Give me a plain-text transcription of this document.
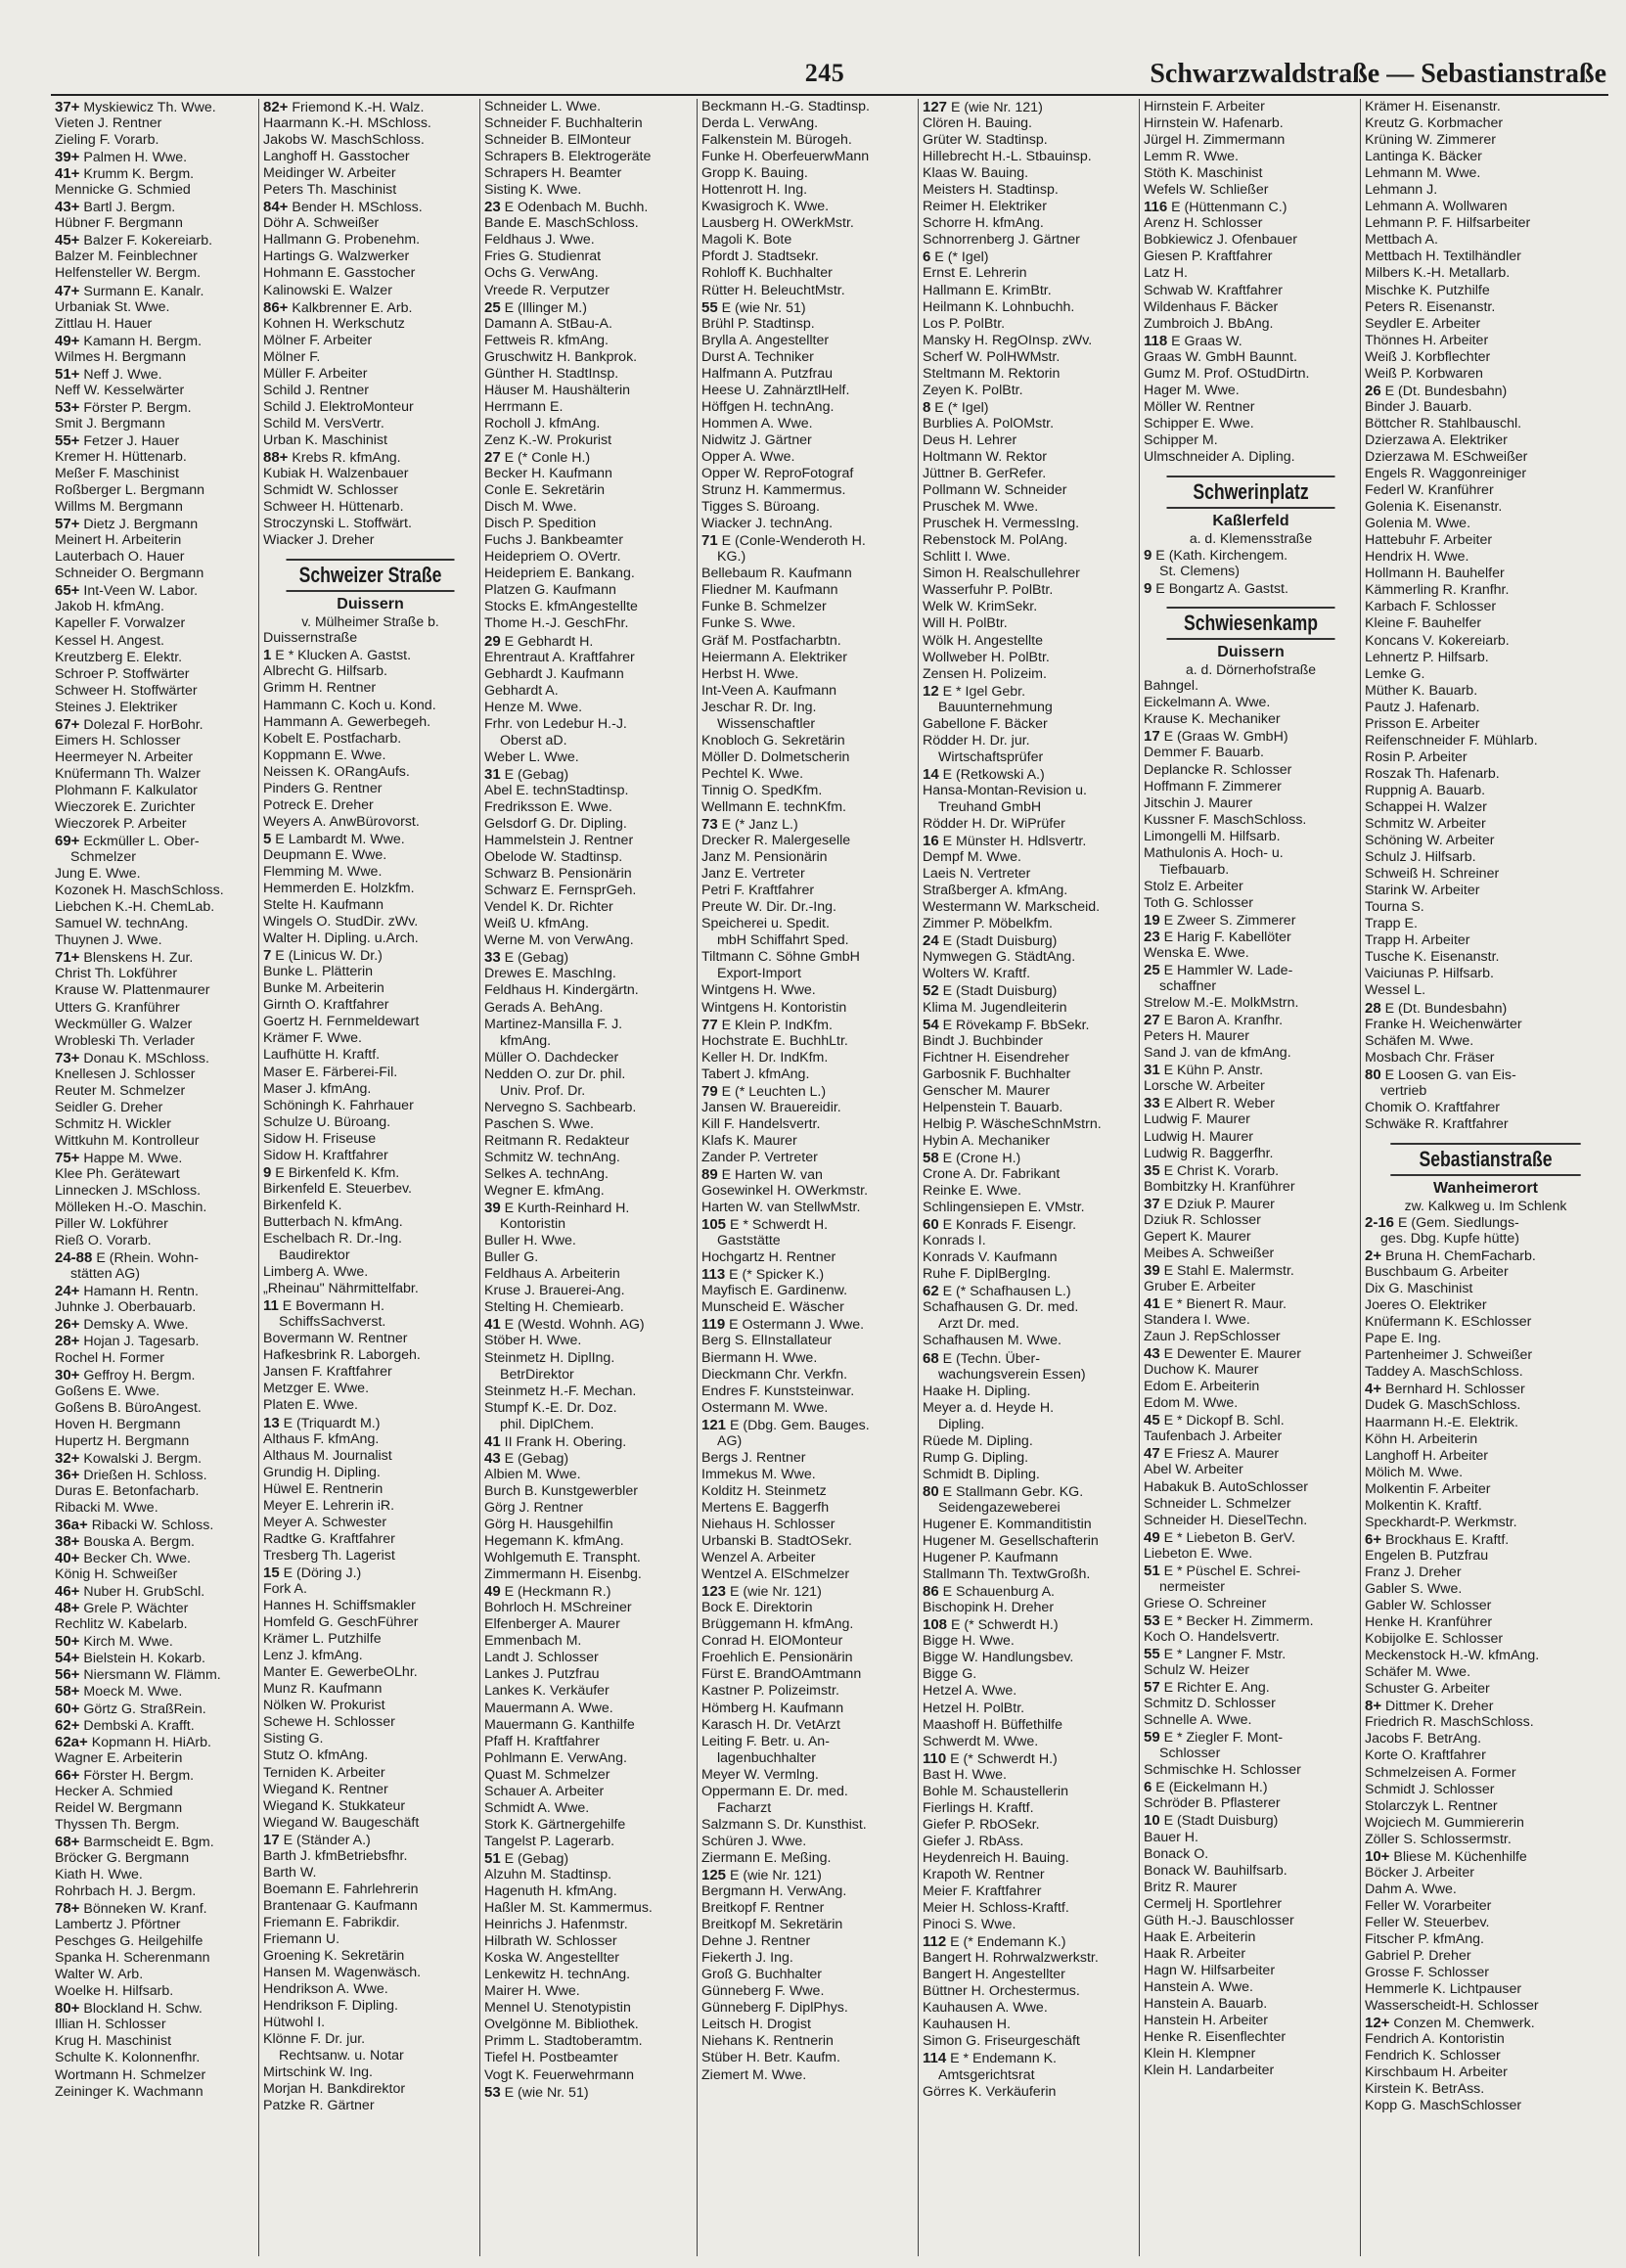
245	Schwarzwaldstraße — Sebastianstraße
37+ Myskiewicz Th. Wwe.
Vieten J. Rentner
Zieling F. Vorarb.
39+ Palmen H. Wwe.
41+ Krumm K. Bergm.
Mennicke G. Schmied
43+ Bartl J. Bergm.
Hübner F. Bergmann
45+ Balzer F. Kokereiarb.
Balzer M. Feinblechner
Helfensteller W. Bergm.
47+ Surmann E. Kanalr.
Urbaniak St. Wwe.
Zittlau H. Hauer
49+ Kamann H. Bergm.
Wilmes H. Bergmann
51+ Neff J. Wwe.
Neff W. Kesselwärter
53+ Förster P. Bergm.
Smit J. Bergmann
55+ Fetzer J. Hauer
Kremer H. Hüttenarb.
Meßer F. Maschinist
Roßberger L. Bergmann
Willms M. Bergmann
57+ Dietz J. Bergmann
Meinert H. Arbeiterin
Lauterbach O. Hauer
Schneider O. Bergmann
65+ Int-Veen W. Labor.
Jakob H. kfmAng.
Kapeller F. Vorwalzer
Kessel H. Angest.
Kreutzberg E. Elektr.
Schroer P. Stoffwärter
Schweer H. Stoffwärter
Steines J. Elektriker
67+ Dolezal F. HorBohr.
Eimers H. Schlosser
Heermeyer N. Arbeiter
Knüfermann Th. Walzer
Plohmann F. Kalkulator
Wieczorek E. Zurichter
Wieczorek P. Arbeiter
69+ Eckmüller L. Ober-
Schmelzer
Jung E. Wwe.
Kozonek H. MaschSchloss.
Liebchen K.-H. ChemLab.
Samuel W. technAng.
Thuynen J. Wwe.
71+ Blenskens H. Zur.
Christ Th. Lokführer
Krause W. Plattenmaurer
Utters G. Kranführer
Weckmüller G. Walzer
Wrobleski Th. Verlader
73+ Donau K. MSchloss.
Knellesen J. Schlosser
Reuter M. Schmelzer
Seidler G. Dreher
Schmitz H. Wickler
Wittkuhn M. Kontrolleur
75+ Happe M. Wwe.
Klee Ph. Gerätewart
Linnecken J. MSchloss.
Mölleken H.-O. Maschin.
Piller W. Lokführer
Rieß O. Vorarb.
24-88 E (Rhein. Wohn-
stätten AG)
24+ Hamann H. Rentn.
Juhnke J. Oberbauarb.
26+ Demsky A. Wwe.
28+ Hojan J. Tagesarb.
Rochel H. Former
30+ Geffroy H. Bergm.
Goßens E. Wwe.
Goßens B. BüroAngest.
Hoven H. Bergmann
Hupertz H. Bergmann
32+ Kowalski J. Bergm.
36+ Drießen H. Schloss.
Duras E. Betonfacharb.
Ribacki M. Wwe.
36a+ Ribacki W. Schloss.
38+ Bouska A. Bergm.
40+ Becker Ch. Wwe.
König H. Schweißer
46+ Nuber H. GrubSchl.
48+ Grele P. Wächter
Rechlitz W. Kabelarb.
50+ Kirch M. Wwe.
54+ Bielstein H. Kokarb.
56+ Niersmann W. Flämm.
58+ Moeck M. Wwe.
60+ Görtz G. StraßRein.
62+ Dembski A. Krafft.
62a+ Kopmann H. HiArb.
Wagner E. Arbeiterin
66+ Förster H. Bergm.
Hecker A. Schmied
Reidel W. Bergmann
Thyssen Th. Bergm.
68+ Barmscheidt E. Bgm.
Bröcker G. Bergmann
Kiath H. Wwe.
Rohrbach H. J. Bergm.
78+ Bönneken W. Kranf.
Lambertz J. Pförtner
Peschges G. Heilgehilfe
Spanka H. Scherenmann
Walter W. Arb.
Woelke H. Hilfsarb.
80+ Blockland H. Schw.
Illian H. Schlosser
Krug H. Maschinist
Schulte K. Kolonnenfhr.
Wortmann H. Schmelzer
Zeininger K. Wachmann
82+ Friemond K.-H. Walz.
Haarmann K.-H. MSchloss.
Jakobs W. MaschSchloss.
Langhoff H. Gasstocher
Meidinger W. Arbeiter
Peters Th. Maschinist
84+ Bender H. MSchloss.
Döhr A. Schweißer
Hallmann G. Probenehm.
Hartings G. Walzwerker
Hohmann E. Gasstocher
Kalinowski E. Walzer
86+ Kalkbrenner E. Arb.
Kohnen H. Werkschutz
Mölner F. Arbeiter
Mölner F.
Müller F. Arbeiter
Schild J. Rentner
Schild J. ElektroMonteur
Schild M. VersVertr.
Urban K. Maschinist
88+ Krebs R. kfmAng.
Kubiak H. Walzenbauer
Schmidt W. Schlosser
Schweer H. Hüttenarb.
Stroczynski L. Stoffwärt.
Wiacker J. Dreher
Schweizer Straße
Duissern
v. Mülheimer Straße b.
Duissernstraße
1 E * Klucken A. Gastst.
Albrecht G. Hilfsarb.
Grimm H. Rentner
Hammann C. Koch u. Kond.
Hammann A. Gewerbegeh.
Kobelt E. Postfacharb.
Koppmann E. Wwe.
Neissen K. ORangAufs.
Pinders G. Rentner
Potreck E. Dreher
Weyers A. AnwBürovorst.
5 E Lambardt M. Wwe.
Deupmann E. Wwe.
Flemming M. Wwe.
Hemmerden E. Holzkfm.
Stelte H. Kaufmann
Wingels O. StudDir. zWv.
Walter H. Dipling. u.Arch.
7 E (Linicus W. Dr.)
Bunke L. Plätterin
Bunke M. Arbeiterin
Girnth O. Kraftfahrer
Goertz H. Fernmeldewart
Krämer F. Wwe.
Laufhütte H. Kraftf.
Maser E. Färberei-Fil.
Maser J. kfmAng.
Schöningh K. Fahrhauer
Schulze U. Büroang.
Sidow H. Friseuse
Sidow H. Kraftfahrer
9 E Birkenfeld K. Kfm.
Birkenfeld E. Steuerbev.
Birkenfeld K.
Butterbach N. kfmAng.
Eschelbach R. Dr.-Ing.
Baudirektor
Limberg A. Wwe.
„Rheinau" Nährmittelfabr.
11 E Bovermann H.
SchiffsSachverst.
Bovermann W. Rentner
Hafkesbrink R. Laborgeh.
Jansen F. Kraftfahrer
Metzger E. Wwe.
Platen E. Wwe.
13 E (Triquardt M.)
Althaus F. kfmAng.
Althaus M. Journalist
Grundig H. Dipling.
Hüwel E. Rentnerin
Meyer E. Lehrerin iR.
Meyer A. Schwester
Radtke G. Kraftfahrer
Tresberg Th. Lagerist
15 E (Döring J.)
Fork A.
Hannes H. Schiffsmakler
Homfeld G. GeschFührer
Krämer L. Putzhilfe
Lenz J. kfmAng.
Manter E. GewerbeOLhr.
Munz R. Kaufmann
Nölken W. Prokurist
Schewe H. Schlosser
Sisting G.
Stutz O. kfmAng.
Terniden K. Arbeiter
Wiegand K. Rentner
Wiegand K. Stukkateur
Wiegand W. Baugeschäft
17 E (Ständer A.)
Barth J. kfmBetriebsfhr.
Barth W.
Boemann E. Fahrlehrerin
Brantenaar G. Kaufmann
Friemann E. Fabrikdir.
Friemann U.
Groening K. Sekretärin
Hansen M. Wagenwäsch.
Hendrikson A. Wwe.
Hendrikson F. Dipling.
Hütwohl I.
Klönne F. Dr. jur.
Rechtsanw. u. Notar
Mirtschink W. Ing.
Morjan H. Bankdirektor
Patzke R. Gärtner
Schneider L. Wwe.
Schneider F. Buchhalterin
Schneider B. ElMonteur
Schrapers B. Elektrogeräte
Schrapers H. Beamter
Sisting K. Wwe.
23 E Odenbach M. Buchh.
Bande E. MaschSchloss.
Feldhaus J. Wwe.
Fries G. Studienrat
Ochs G. VerwAng.
Vreede R. Verputzer
25 E (Illinger M.)
Damann A. StBau-A.
Fettweis R. kfmAng.
Gruschwitz H. Bankprok.
Günther H. StadtInsp.
Häuser M. Haushälterin
Herrmann E.
Rocholl J. kfmAng.
Zenz K.-W. Prokurist
27 E (* Conle H.)
Becker H. Kaufmann
Conle E. Sekretärin
Disch M. Wwe.
Disch P. Spedition
Fuchs J. Bankbeamter
Heidepriem O. OVertr.
Heidepriem E. Bankang.
Platzen G. Kaufmann
Stocks E. kfmAngestellte
Thome H.-J. GeschFhr.
29 E Gebhardt H.
Ehrentraut A. Kraftfahrer
Gebhardt J. Kaufmann
Gebhardt A.
Henze M. Wwe.
Frhr. von Ledebur H.-J.
Oberst aD.
Weber L. Wwe.
31 E (Gebag)
Abel E. technStadtinsp.
Fredriksson E. Wwe.
Gelsdorf G. Dr. Dipling.
Hammelstein J. Rentner
Obelode W. Stadtinsp.
Schwarz B. Pensionärin
Schwarz E. FernsprGeh.
Vendel K. Dr. Richter
Weiß U. kfmAng.
Werne M. von VerwAng.
33 E (Gebag)
Drewes E. MaschIng.
Feldhaus H. Kindergärtn.
Gerads A. BehAng.
Martinez-Mansilla F. J.
kfmAng.
Müller O. Dachdecker
Nedden O. zur Dr. phil.
Univ. Prof. Dr.
Nervegno S. Sachbearb.
Paschen S. Wwe.
Reitmann R. Redakteur
Schmitz W. technAng.
Selkes A. technAng.
Wegner E. kfmAng.
39 E Kurth-Reinhard H.
Kontoristin
Buller H. Wwe.
Buller G.
Feldhaus A. Arbeiterin
Kruse J. Brauerei-Ang.
Stelting H. Chemiearb.
41 E (Westd. Wohnh. AG)
Stöber H. Wwe.
Steinmetz H. DiplIng.
BetrDirektor
Steinmetz H.-F. Mechan.
Stumpf K.-E. Dr. Doz.
phil. DiplChem.
41 II Frank H. Obering.
43 E (Gebag)
Albien M. Wwe.
Burch B. Kunstgewerbler
Görg J. Rentner
Görg H. Hausgehilfin
Hegemann K. kfmAng.
Wohlgemuth E. Transpht.
Zimmermann H. Eisenbg.
49 E (Heckmann R.)
Bohrloch H. MSchreiner
Elfenberger A. Maurer
Emmenbach M.
Landt J. Schlosser
Lankes J. Putzfrau
Lankes K. Verkäufer
Mauermann A. Wwe.
Mauermann G. Kanthilfe
Pfaff H. Kraftfahrer
Pohlmann E. VerwAng.
Quast M. Schmelzer
Schauer A. Arbeiter
Schmidt A. Wwe.
Stork K. Gärtnergehilfe
Tangelst P. Lagerarb.
51 E (Gebag)
Alzuhn M. Stadtinsp.
Hagenuth H. kfmAng.
Haßler M. St. Kammermus.
Heinrichs J. Hafenmstr.
Hilbrath W. Schlosser
Koska W. Angestellter
Lenkewitz H. technAng.
Mairer H. Wwe.
Mennel U. Stenotypistin
Ovelgönne M. Bibliothek.
Primm L. Stadtoberamtm.
Tiefel H. Postbeamter
Vogt K. Feuerwehrmann
53 E (wie Nr. 51)
Beckmann H.-G. Stadtinsp.
Derda L. VerwAng.
Falkenstein M. Bürogeh.
Funke H. OberfeuerwMann
Gropp K. Bauing.
Hottenrott H. Ing.
Kwasigroch K. Wwe.
Lausberg H. OWerkMstr.
Magoli K. Bote
Pfordt J. Stadtsekr.
Rohloff K. Buchhalter
Rütter H. BeleuchtMstr.
55 E (wie Nr. 51)
Brühl P. Stadtinsp.
Brylla A. Angestellter
Durst A. Techniker
Halfmann A. Putzfrau
Heese U. ZahnärztlHelf.
Höffgen H. technAng.
Hommen A. Wwe.
Nidwitz J. Gärtner
Opper A. Wwe.
Opper W. ReproFotograf
Strunz H. Kammermus.
Tigges S. Büroang.
Wiacker J. technAng.
71 E (Conle-Wenderoth H.
KG.)
Bellebaum R. Kaufmann
Fliedner M. Kaufmann
Funke B. Schmelzer
Funke S. Wwe.
Gräf M. Postfacharbtn.
Heiermann A. Elektriker
Herbst H. Wwe.
Int-Veen A. Kaufmann
Jeschar R. Dr. Ing.
Wissenschaftler
Knobloch G. Sekretärin
Möller D. Dolmetscherin
Pechtel K. Wwe.
Tinnig O. SpedKfm.
Wellmann E. technKfm.
73 E (* Janz L.)
Drecker R. Malergeselle
Janz M. Pensionärin
Janz E. Vertreter
Petri F. Kraftfahrer
Preute W. Dir. Dr.-Ing.
Speicherei u. Spedit.
mbH Schiffahrt Sped.
Tiltmann C. Söhne GmbH
Export-Import
Wintgens H. Wwe.
Wintgens H. Kontoristin
77 E Klein P. IndKfm.
Hochstrate E. BuchhLtr.
Keller H. Dr. IndKfm.
Tabert J. kfmAng.
79 E (* Leuchten L.)
Jansen W. Brauereidir.
Kill F. Handelsvertr.
Klafs K. Maurer
Zander P. Vertreter
89 E Harten W. van
Gosewinkel H. OWerkmstr.
Harten W. van StellwMstr.
105 E * Schwerdt H.
Gaststätte
Hochgartz H. Rentner
113 E (* Spicker K.)
Mayfisch E. Gardinenw.
Munscheid E. Wäscher
119 E Ostermann J. Wwe.
Berg S. ElInstallateur
Biermann H. Wwe.
Dieckmann Chr. Verkfn.
Endres F. Kunststeinwar.
Ostermann M. Wwe.
121 E (Dbg. Gem. Bauges.
AG)
Bergs J. Rentner
Immekus M. Wwe.
Kolditz H. Steinmetz
Mertens E. Baggerfh
Niehaus H. Schlosser
Urbanski B. StadtOSekr.
Wenzel A. Arbeiter
Wentzel A. ElSchmelzer
123 E (wie Nr. 121)
Bock E. Direktorin
Brüggemann H. kfmAng.
Conrad H. ElOMonteur
Froehlich E. Pensionärin
Fürst E. BrandOAmtmann
Kastner P. Polizeimstr.
Hömberg H. Kaufmann
Karasch H. Dr. VetArzt
Leiting F. Betr. u. An-
lagenbuchhalter
Meyer W. Vermlng.
Oppermann E. Dr. med.
Facharzt
Salzmann S. Dr. Kunsthist.
Schüren J. Wwe.
Ziermann E. Meßing.
125 E (wie Nr. 121)
Bergmann H. VerwAng.
Breitkopf F. Rentner
Breitkopf M. Sekretärin
Dehne J. Rentner
Fiekerth J. Ing.
Groß G. Buchhalter
Günneberg F. Wwe.
Günneberg F. DiplPhys.
Leitsch H. Drogist
Niehans K. Rentnerin
Stüber H. Betr. Kaufm.
Ziemert M. Wwe.
127 E (wie Nr. 121)
Clören H. Bauing.
Grüter W. Stadtinsp.
Hillebrecht H.-L. Stbauinsp.
Klaas W. Bauing.
Meisters H. Stadtinsp.
Reimer H. Elektriker
Schorre H. kfmAng.
Schnorrenberg J. Gärtner
6 E (* Igel)
Ernst E. Lehrerin
Hallmann E. KrimBtr.
Heilmann K. Lohnbuchh.
Los P. PolBtr.
Mansky H. RegOInsp. zWv.
Scherf W. PolHWMstr.
Steltmann M. Rektorin
Zeyen K. PolBtr.
8 E (* Igel)
Burblies A. PolOMstr.
Deus H. Lehrer
Holtmann W. Rektor
Jüttner B. GerRefer.
Pollmann W. Schneider
Pruschek M. Wwe.
Pruschek H. VermessIng.
Rebenstock M. PolAng.
Schlitt I. Wwe.
Simon H. Realschullehrer
Wasserfuhr P. PolBtr.
Welk W. KrimSekr.
Will H. PolBtr.
Wölk H. Angestellte
Wollweber H. PolBtr.
Zensen H. Polizeim.
12 E * Igel Gebr.
Bauunternehmung
Gabellone F. Bäcker
Rödder H. Dr. jur.
Wirtschaftsprüfer
14 E (Retkowski A.)
Hansa-Montan-Revision u.
Treuhand GmbH
Rödder H. Dr. WiPrüfer
16 E Münster H. Hdlsvertr.
Dempf M. Wwe.
Laeis N. Vertreter
Straßberger A. kfmAng.
Westermann W. Markscheid.
Zimmer P. Möbelkfm.
24 E (Stadt Duisburg)
Nymwegen G. StädtAng.
Wolters W. Kraftf.
52 E (Stadt Duisburg)
Klima M. Jugendleiterin
54 E Rövekamp F. BbSekr.
Bindt J. Buchbinder
Fichtner H. Eisendreher
Garbosnik F. Buchhalter
Genscher M. Maurer
Helpenstein T. Bauarb.
Helbig P. WäscheSchnMstrn.
Hybin A. Mechaniker
58 E (Crone H.)
Crone A. Dr. Fabrikant
Reinke E. Wwe.
Schlingensiepen E. VMstr.
60 E Konrads F. Eisengr.
Konrads I.
Konrads V. Kaufmann
Ruhe F. DiplBergIng.
62 E (* Schafhausen L.)
Schafhausen G. Dr. med.
Arzt Dr. med.
Schafhausen M. Wwe.
68 E (Techn. Über-
wachungsverein Essen)
Haake H. Dipling.
Meyer a. d. Heyde H.
Dipling.
Rüede M. Dipling.
Rump G. Dipling.
Schmidt B. Dipling.
80 E Stallmann Gebr. KG.
Seidengazeweberei
Hugener E. Kommanditistin
Hugener M. Gesellschafterin
Hugener P. Kaufmann
Stallmann Th. TextwGroßh.
86 E Schauenburg A.
Bischopink H. Dreher
108 E (* Schwerdt H.)
Bigge H. Wwe.
Bigge W. Handlungsbev.
Bigge G.
Hetzel A. Wwe.
Hetzel H. PolBtr.
Maashoff H. Büffethilfe
Schwerdt M. Wwe.
110 E (* Schwerdt H.)
Bast H. Wwe.
Bohle M. Schaustellerin
Fierlings H. Kraftf.
Giefer P. RbOSekr.
Giefer J. RbAss.
Heydenreich H. Bauing.
Krapoth W. Rentner
Meier F. Kraftfahrer
Meier H. Schloss-Kraftf.
Pinoci S. Wwe.
112 E (* Endemann K.)
Bangert H. Rohrwalzwerkstr.
Bangert H. Angestellter
Büttner H. Orchestermus.
Kauhausen A. Wwe.
Kauhausen H.
Simon G. Friseurgeschäft
114 E * Endemann K.
Amtsgerichtsrat
Görres K. Verkäuferin
Hirnstein F. Arbeiter
Hirnstein W. Hafenarb.
Jürgel H. Zimmermann
Lemm R. Wwe.
Stöth K. Maschinist
Wefels W. Schließer
116 E (Hüttenmann C.)
Arenz H. Schlosser
Bobkiewicz J. Ofenbauer
Giesen P. Kraftfahrer
Latz H.
Schwab W. Kraftfahrer
Wildenhaus F. Bäcker
Zumbroich J. BbAng.
118 E Graas W.
Graas W. GmbH Baunnt.
Gumz M. Prof. OStudDirtn.
Hager M. Wwe.
Möller W. Rentner
Schipper E. Wwe.
Schipper M.
Ulmschneider A. Dipling.
Schwerinplatz
Kaßlerfeld
a. d. Klemensstraße
9 E (Kath. Kirchengem.
St. Clemens)
9 E Bongartz A. Gastst.
Schwiesenkamp
Duissern
a. d. Dörnerhofstraße
Bahngel.
Eickelmann A. Wwe.
Krause K. Mechaniker
17 E (Graas W. GmbH)
Demmer F. Bauarb.
Deplancke R. Schlosser
Hoffmann F. Zimmerer
Jitschin J. Maurer
Kussner F. MaschSchloss.
Limongelli M. Hilfsarb.
Mathulonis A. Hoch- u.
Tiefbauarb.
Stolz E. Arbeiter
Toth G. Schlosser
19 E Zweer S. Zimmerer
23 E Harig F. Kabellöter
Wenska E. Wwe.
25 E Hammler W. Lade-
schaffner
Strelow M.-E. MolkMstrn.
27 E Baron A. Kranfhr.
Peters H. Maurer
Sand J. van de kfmAng.
31 E Kühn P. Anstr.
Lorsche W. Arbeiter
33 E Albert R. Weber
Ludwig F. Maurer
Ludwig H. Maurer
Ludwig R. Baggerfhr.
35 E Christ K. Vorarb.
Bombitzky H. Kranführer
37 E Dziuk P. Maurer
Dziuk R. Schlosser
Gepert K. Maurer
Meibes A. Schweißer
39 E Stahl E. Malermstr.
Gruber E. Arbeiter
41 E * Bienert R. Maur.
Standera I. Wwe.
Zaun J. RepSchlosser
43 E Dewenter E. Maurer
Duchow K. Maurer
Edom E. Arbeiterin
Edom M. Wwe.
45 E * Dickopf B. Schl.
Taufenbach J. Arbeiter
47 E Friesz A. Maurer
Abel W. Arbeiter
Habakuk B. AutoSchlosser
Schneider L. Schmelzer
Schneider H. DieselTechn.
49 E * Liebeton B. GerV.
Liebeton E. Wwe.
51 E * Püschel E. Schrei-
nermeister
Griese O. Schreiner
53 E * Becker H. Zimmerm.
Koch O. Handelsvertr.
55 E * Langner F. Mstr.
Schulz W. Heizer
57 E Richter E. Ang.
Schmitz D. Schlosser
Schnelle A. Wwe.
59 E * Ziegler F. Mont-
Schlosser
Schmischke H. Schlosser
6 E (Eickelmann H.)
Schröder B. Pflasterer
10 E (Stadt Duisburg)
Bauer H.
Bonack O.
Bonack W. Bauhilfsarb.
Britz R. Maurer
Cermelj H. Sportlehrer
Güth H.-J. Bauschlosser
Haak E. Arbeiterin
Haak R. Arbeiter
Hagn W. Hilfsarbeiter
Hanstein A. Wwe.
Hanstein A. Bauarb.
Hanstein H. Arbeiter
Henke R. Eisenflechter
Klein H. Klempner
Klein H. Landarbeiter
Krämer H. Eisenanstr.
Kreutz G. Korbmacher
Krüning W. Zimmerer
Lantinga K. Bäcker
Lehmann M. Wwe.
Lehmann J.
Lehmann A. Wollwaren
Lehmann P. F. Hilfsarbeiter
Mettbach A.
Mettbach H. Textilhändler
Milbers K.-H. Metallarb.
Mischke K. Putzhilfe
Peters R. Eisenanstr.
Seydler E. Arbeiter
Thönnes H. Arbeiter
Weiß J. Korbflechter
Weiß P. Korbwaren
26 E (Dt. Bundesbahn)
Binder J. Bauarb.
Böttcher R. Stahlbauschl.
Dzierzawa A. Elektriker
Dzierzawa M. ESchweißer
Engels R. Waggonreiniger
Federl W. Kranführer
Golenia K. Eisenanstr.
Golenia M. Wwe.
Hattebuhr F. Arbeiter
Hendrix H. Wwe.
Hollmann H. Bauhelfer
Kämmerling R. Kranfhr.
Karbach F. Schlosser
Kleine F. Bauhelfer
Koncans V. Kokereiarb.
Lehnertz P. Hilfsarb.
Lemke G.
Müther K. Bauarb.
Pautz J. Hafenarb.
Prisson E. Arbeiter
Reifenschneider F. Mühlarb.
Rosin P. Arbeiter
Roszak Th. Hafenarb.
Ruppnig A. Bauarb.
Schappei H. Walzer
Schmitz W. Arbeiter
Schöning W. Arbeiter
Schulz J. Hilfsarb.
Schweiß H. Schreiner
Starink W. Arbeiter
Tourna S.
Trapp E.
Trapp H. Arbeiter
Tusche K. Eisenanstr.
Vaiciunas P. Hilfsarb.
Wessel L.
28 E (Dt. Bundesbahn)
Franke H. Weichenwärter
Schäfen M. Wwe.
Mosbach Chr. Fräser
80 E Loosen G. van Eis-
vertrieb
Chomik O. Kraftfahrer
Schwäke R. Kraftfahrer
Sebastianstraße
Wanheimerort
zw. Kalkweg u. Im Schlenk
2-16 E (Gem. Siedlungs-
ges. Dbg. Kupfe hütte)
2+ Bruna H. ChemFacharb.
Buschbaum G. Arbeiter
Dix G. Maschinist
Joeres O. Elektriker
Knüfermann K. ESchlosser
Pape E. Ing.
Partenheimer J. Schweißer
Taddey A. MaschSchloss.
4+ Bernhard H. Schlosser
Dudek G. MaschSchloss.
Haarmann H.-E. Elektrik.
Köhn H. Arbeiterin
Langhoff H. Arbeiter
Mölich M. Wwe.
Molkentin F. Arbeiter
Molkentin K. Kraftf.
Speckhardt-P. Werkmstr.
6+ Brockhaus E. Kraftf.
Engelen B. Putzfrau
Franz J. Dreher
Gabler S. Wwe.
Gabler W. Schlosser
Henke H. Kranführer
Kobijolke E. Schlosser
Meckenstock H.-W. kfmAng.
Schäfer M. Wwe.
Schuster G. Arbeiter
8+ Dittmer K. Dreher
Friedrich R. MaschSchloss.
Jacobs F. BetrAng.
Korte O. Kraftfahrer
Schmelzeisen A. Former
Schmidt J. Schlosser
Stolarczyk L. Rentner
Wojciech M. Gummiererin
Zöller S. Schlossermstr.
10+ Bliese M. Küchenhilfe
Böcker J. Arbeiter
Dahm A. Wwe.
Feller W. Vorarbeiter
Feller W. Steuerbev.
Fitscher P. kfmAng.
Gabriel P. Dreher
Grosse F. Schlosser
Hemmerle K. Lichtpauser
Wasserscheidt-H. Schlosser
12+ Conzen M. Chemwerk.
Fendrich A. Kontoristin
Fendrich K. Schlosser
Kirschbaum H. Arbeiter
Kirstein K. BetrAss.
Kopp G. MaschSchlosser
